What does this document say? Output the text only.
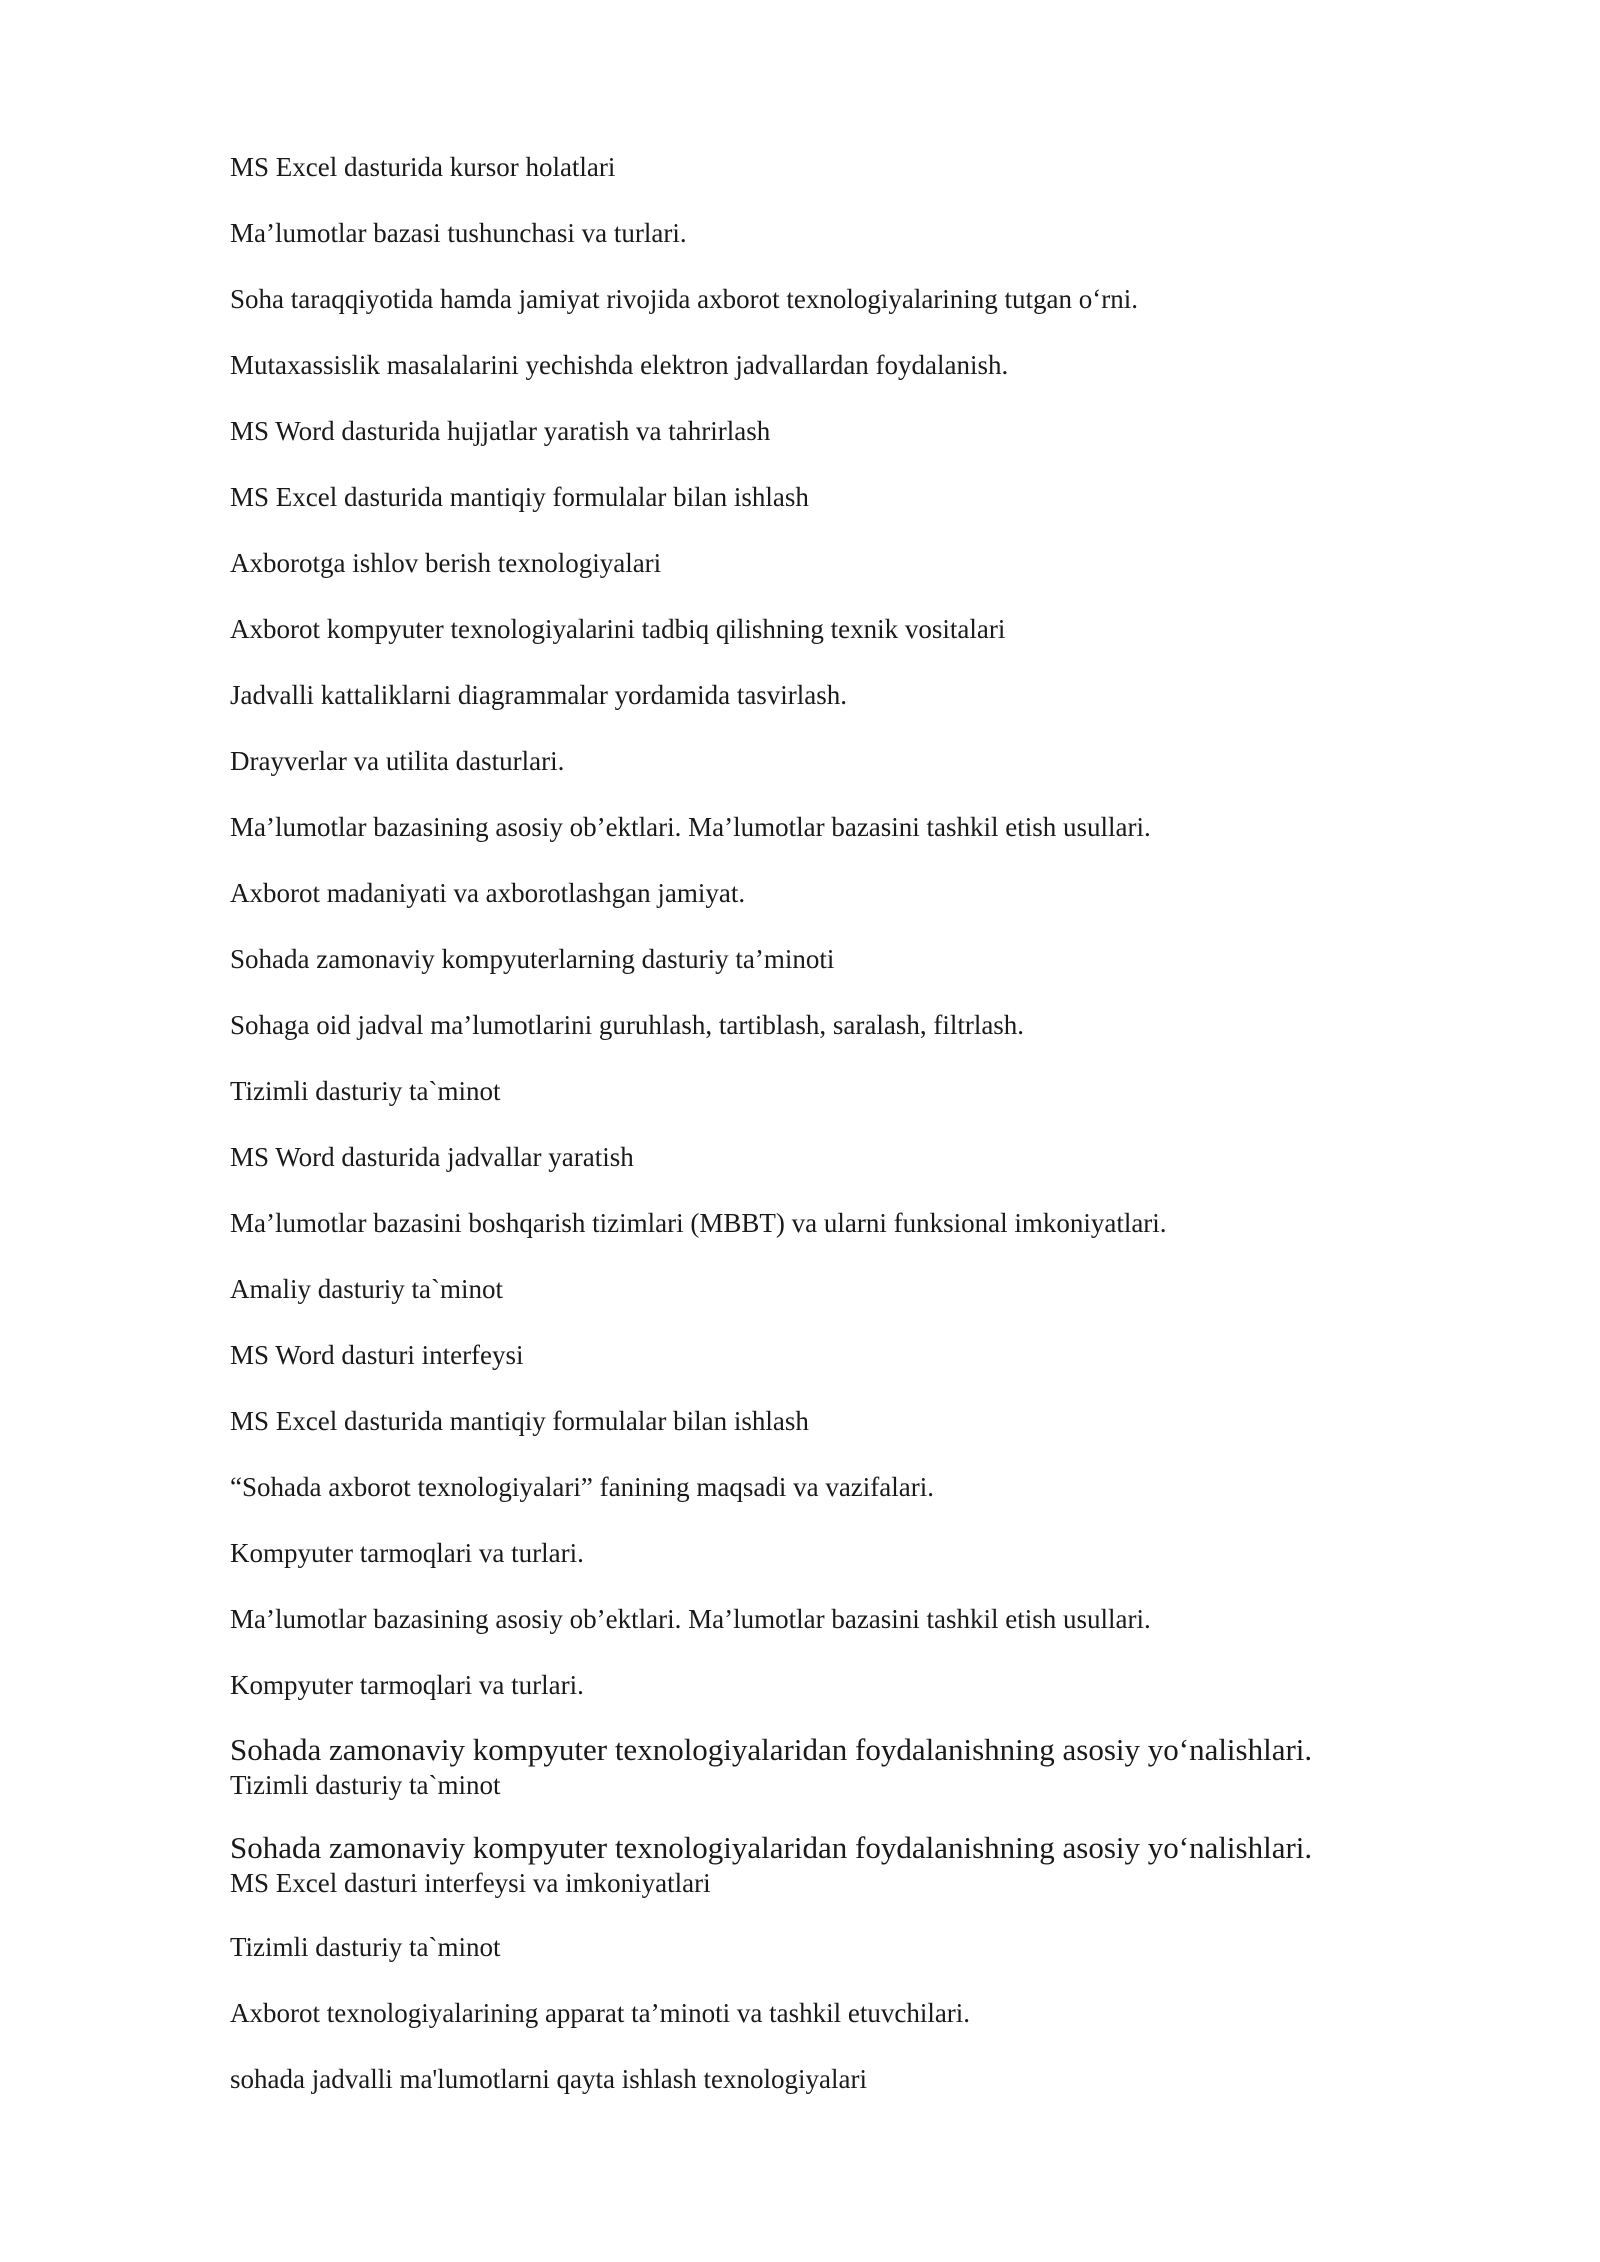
MS Excel dasturida kursor holatlari
Ma’lumotlar bazasi tushunchasi va turlari.
Soha taraqqiyotida hamda jamiyat rivojida axborot texnologiyalarining tutgan o‘rni.
Mutaxassislik masalalarini yechishda elektron jadvallardan foydalanish.
MS Word dasturida hujjatlar yaratish va tahrirlash
MS Excel dasturida mantiqiy formulalar bilan ishlash
Axborotga ishlov berish texnologiyalari
Axborot kompyuter texnologiyalarini tadbiq qilishning texnik vositalari
Jadvalli kattaliklarni diagrammalar yordamida tasvirlash.
Drayverlar va utilita dasturlari.
Ma’lumotlar bazasining asosiy ob’ektlari. Ma’lumotlar bazasini tashkil etish usullari.
Axborot madaniyati va axborotlashgan jamiyat.
Sohada zamonaviy kompyuterlarning dasturiy ta’minoti
Sohaga oid jadval ma’lumotlarini guruhlash, tartiblash, saralash, filtrlash.
Tizimli dasturiy ta`minot
MS Word dasturida jadvallar yaratish
Ma’lumotlar bazasini boshqarish tizimlari (MBBT) va ularni funksional imkoniyatlari.
Amaliy dasturiy ta`minot
MS Word dasturi interfeysi
MS Excel dasturida mantiqiy formulalar bilan ishlash
“Sohada axborot texnologiyalari” fanining maqsadi va vazifalari.
Kompyuter tarmoqlari va turlari.
Ma’lumotlar bazasining asosiy ob’ektlari. Ma’lumotlar bazasini tashkil etish usullari.
Kompyuter tarmoqlari va turlari.
Sohada zamonaviy kompyuter texnologiyalaridan foydalanishning asosiy yo‘nalishlari.
Tizimli dasturiy ta`minot
Sohada zamonaviy kompyuter texnologiyalaridan foydalanishning asosiy yo‘nalishlari.
MS Excel dasturi interfeysi va imkoniyatlari
Tizimli dasturiy ta`minot
Axborot texnologiyalarining apparat ta’minoti va tashkil etuvchilari.
sohada jadvalli ma'lumotlarni qayta ishlash texnologiyalari
